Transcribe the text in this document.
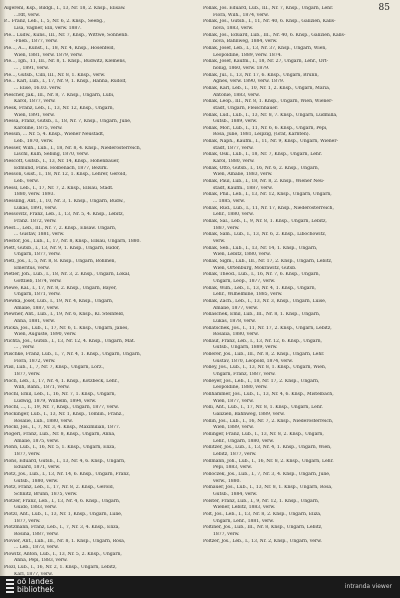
85
Algerenl, Ksp., Bildgl., I., 13, Nr. 18, 2. Knsp., Elisaw.
...rdt, verw.
P... Franz, Leb., I., 5, Nr. 6, 2. Knsp., Seebg.,
Lisa, Vagner, Elli, verw. 1887.
Ple... Ludw., Kuns., III., Nr. 7, Knsp., Wittwe, Sonnenb.
-Flieb., 1877, verw.
Ple..., A..., Kunst., I., 18, Nr. 4, Knsp., Hosenfeld,
Wien, 1881, verw. 1879, verw.
Ple..., Ign., 11, III., Nr. 8, 1. Knsp., Budwitz, Klemens,
... , 1891, verw.
Ple..., Gutsb., Cilli, III., Nr. 8, 1. Knsp., verw.
Ple... Karl, Lub., I., 17, Nr. 9, 1. Knsp., Hanna, Rudolf,
... Elise, 16.03. verw.
Plescher, Jak., III., Nr. 8, 7. Knsp., Ungarn, Lubi,
Karol, 1877, verw.
Plesk, Franz, Leb., I., 13, Nr. 12, Knsp., Ungarn,
Wien, 1891, verw.
Plessa, Franz, Gutsb., I., 18, Nr. 7, Knsp., Ungarn, Julie,
Karoline, 1875, verw.
Plessin, ... Nr. 5, 4. Knsp., Wiener Neustadt,
Leb., 1870, verw.
Plesser, Wilh., Lub., I., 18, Nr. 8, 4. Knsp., Niederösterreich,
Lischl, Kuln, Sebing, 1870, verw.
Plescott, Gutsb., I., 13, Nr. 14, Knsp., Hohenbauer,
Edmund, Flins. Holbenach, 1877, Bezirk.
Plesson, Gust., I., 18, Nr. 12, 1. Knsp., Lehrer, Gerold,
Leb., verw.
Plessl, Leb., I., 17, Nr. 7, 2. Knsp., Ellsau, Stadt.
1880, verw. 1893.
Plessling, Ant., I., 10, Nr. 3, 1. Knsp., Ungarn, Budw.,
Lukas, 1891, verw.
Plessovitz, Franz, Leb., I., 13, Nr. 5, 4. Knsp., Lebitz,
Franz. 1872, verw.
Plest..., Leb., III., Nr. 7, 2. Knsp., Elisaw. Ungarn,
... Gustav, 1881, verw.
Plestor, Jos., Lub., I., 17, Nr. 8, Knsp., Ellsau, Ungarn, 1880.
Plett, Gutsb., I., 13, Nr. 9, 1. Knsp., Ungarn, Isidor,
Ungarn, 1877, verw.
Pletl, Jos., I., 5, Nr. 8, 8. Knsp., Ungarn, Böhmen,
Emeritus, verw.
Pletler, Joh., Lub., I., 18, Nr. 3, 2. Knsp., Ungarn, Lokal,
Gottlieb, 1874, verw.
Plewe, Kal., I., 17, Nr. 8, 2. Knsp., Ungarn, Bayer,
Ungarn, 1871, verw.
Plewka, Josef, Lub., I., 19, Nr. 4, Knsp., Ungarn,
Amalie, 1887, verw.
Plewner, Ant., Lub., I., 19, Nr. 6, Knsp., Kl. Steinfeld,
Anna, 1881, verw.
Plicka, Jos., Lub., I., 17, Nr. 6, 1. Knsp., Ungarn, Janes,
Wien, Auguste, 1890, verw.
Plichta, Jos., Gutsb., I., 13, Nr. 12, 4. Knsp., Ungarn, Mat.
... , verw.
Plischke, Franz, Lub., I., 7, Nr. 4, 1. Knsp., Ungarn, Ungarn,
Flora, 1872, verw.
Plisl, Lub., I., 7, Nr. 7, Knsp., Ungarn, Lorz.,
1877, verw.
Ploch, Leb., I., 17, Nr. 4, 1. Knsp., Kotzbeck, Lehr.,
Wilh, Bahn., 1871, verw.
Plöchl, Emil, Leb., I., 16, Nr. 7, 1. Knsp., Ungarn,
Ludwig, 1879, Wilhelm, 1894, verw.
Plöchl, ..., I., 19, Nr. 7, Knsp., Ungarn, 1877, verw.
Plöckinger, Lub., I., 13, Nr. 1, Knsp., Tomlin., Franz.,
Rosalie, Lub., 1880, verw.
Plöckl, Jos., I., 7, Nr. 3, 4. Knsp., Maximilian, 1877.
Plögerl, Franz, Lub., Nr. 8, Knsp., Ungarn, Anna,
Amalie, 1875, verw.
Plöhn, Lub., I., 16, Nr. 5, 1. Knsp., Ungarn, Eliza,
1877, verw.
Plöhs, Eduard, Gutsb., I., 13, Nr. 4, 6. Knsp., Ungarn,
Eduard, 1871, verw.
Plötz, Jos., Lub., I., 13, Nr. 14, 6. Knsp., Ungarn, Franz,
Gutsb., 1880, verw.
Plotz, Franz, Leb., I., 17, Nr. 8, 2. Knsp., Gerold,
Schnitz, Brunn, 1875, verw.
Plötzer, Franz, Leb., I., 13, Nr. 4, 6. Knsp., Ungarn,
Guido, 1883, verw.
Plötzl, Ant., Lub., I., 13, Nr. 1, Knsp., Ungarn, Lulie,
1877, verw.
Plotzmann, Franz, Leb., I., 7, Nr. 3, 4. Knsp., Eliza,
Rosina, 1887, verw.
Plovier, Ant., Lub., III., Nr. 8, 1. Knsp., Ungarn, Rosa,
... Leb., 1873, verw.
Plowitz, Anton, Lub., I., 13, Nr. 5, 2. Knsp., Ungarn,
Anna, Pepi, 1883, verw.
Plözl, Lub., I., 16, Nr. 2, 1. Knsp., Ungarn, Lebitz,
Karl, 1877, verw.
Pollak, Jos. Eduard, Lub., III., Nr. 7, Knsp., Ungarn, Lehr.
Flora, Wilh., 1874, verw.
Pollak, Jos., Gutsb., I., 11, Nr. 40, 6. Knsp., Galizien, Kalls-
nova, 1883, verw.
Pollak, Jos., Eduard, Lub., III., Nr. 40, 6. Knsp., Galizien, Kalls-
nova, Bahnweg, 1884, verw.
Pollak, Josef, Leb., I., 13, Nr. 37, Knsp., Ungarn, Wien,
Leopoldine, 1889, verw. 1874.
Pollak, Josef, Kaufm., I., 18, Nr. 27, Ungarn, Lehr., Ort-
honig, 1860, verw. 1879.
Pollak, Jul., I., 13, Nr. 17, 6. Knsp., Ungarn, Brünn,
Agnes, verw. 1890, verw. 1879.
Pollak, Karl, Leb., I., 10, Nr. 1, 2. Knsp., Ungarn, Maria,
Antonie, 1883, verw.
Pollak, Leop., III., Nr. 8, 1. Knsp., Ungarn, Wien, Wiener-
stadt, Ungarn, Fleischhauer.
Pollak, Lud., Lub., I., 13, Nr. 8, 7. Knsp., Ungarn, Ludmilla,
Gutsb., 1889, verw.
Pollak, Mor., Lub., I., 11, Nr. 6, 6. Knsp., Ungarn, Pepi,
Rosa, Julie, 1881, Leipzig, (Graf, Kärnten).
Pollak, Naph., Kaufm., I., 11, Nr. 9, Knsp., Ungarn, Wiener-
stadt, 1877, verw.
Pollak, Osk., Lub., I., 18, Nr. 7, Knsp., Ungarn, Lehr.
Karol, 1880, verw.
Pollak, Otto, Gutsb., I., 16, Nr. 6, 2. Knsp., Ungarn,
Wien, Amalie, 1883, verw.
Pollak, Paul, Lub., I., 18, Nr. 8, 2. Knsp., Wiener Neu-
stadt, Kaufm., 1887, verw.
Pollak, Phil., Leb., I., 13, Nr. 12, Knsp., Ungarn, Ungarn,
... 1885, verw.
Pollak, Rud., Lub., I., 11, Nr. 17, Knsp., Niederösterreich,
Lehr., 1880, verw.
Pollak, Sal., Leb., I., 9, Nr. 8, 1. Knsp., Ungarn, Lebitz,
1887, verw.
Pollak, Sam., Lub., I., 13, Nr. 6, 2. Knsp., Libochowitz,
verw.
Pollak, Seb., Lub., I., 13, Nr. 14, 1. Knsp., Ungarn,
Wien, Lebitz, 1880, verw.
Pollak, Sigm., Lub., III., Nr. 17, 2. Knsp., Ungarn, Lebitz,
Wien, Ortenburg, Mokrawitz, Gutsb.
Pollak, Theod., Lub., I., 16, Nr. 7, 6. Knsp., Ungarn,
Ungarn, Leop., 1877, verw.
Pollak, Wilh., Leb., I., 13, Nr. 4, 1. Knsp., Ungarn,
Lehr., Wilhelmine, 1885, verw.
Pollak, Zach., Leb., I., 13, Nr. 3, Knsp., Ungarn, Luise,
Amalie, 1877, verw.
Pollaschek, Emil, Lub., III., Nr. 8, 1. Knsp., Ungarn,
Lukas, 1878, verw.
Pollatschek, Jos., I., 11, Nr. 17, 2. Knsp., Ungarn, Lebitz,
Rosalia, 1880, verw.
Pollauf, Franz, Leb., I., 13, Nr. 12, 6. Knsp., Ungarn,
Gutsb., Ungarn, 1889, verw.
Pollerer, Jos., Lub., III., Nr. 8, 2. Knsp., Ungarn, Lehr.
Gustav, 1870, Leopold, 1874, verw.
Polley, Jos., Lub., I., 13, Nr. 8, 1. Knsp., Ungarn, Wien,
Ungarn, Franz, 1887, verw.
Polleyer, Jos., Leb., I., 18, Nr. 17, 2. Knsp., Ungarn,
Leopoldine, 1880, verw.
Pollhammer, Jos., Lub., I., 13, Nr. 4, 6. Knsp., Mistelbach,
Wien, 1877, verw.
Polli, Ant., Lub., I., 17, Nr. 8, 1. Knsp., Ungarn, Lehr.
Galizien, Bahnweg, 1889, verw.
Pollin, Jos., Lub., I., 16, Nr. 7, 2. Knsp., Niederösterreich,
Wien, 1889, verw.
Pollinger, Franz, Lub., I., 13, Nr. 8, 2. Knsp., Ungarn,
Lehr., Ungarn, 1880, verw.
Pollitzer, Jos., Lub., I., 13, Nr. 4, 1. Knsp., Ungarn, Wien,
Lebitz, 1877, verw.
Pollmann, Joh., Lub., I., 16, Nr. 8, 2. Knsp., Ungarn, Lehr.
Pepi, 1883, verw.
Polloczek, Jos., Lub., I., 7, Nr. 3, 4. Knsp., Ungarn, Julie,
verw., 1880.
Polnauer, Jos., Lub., I., 13, Nr. 8, 1. Knsp., Ungarn, Rosa,
Gutsb., 1884, verw.
Polster, Franz, Lub., I., 9, Nr. 12, 1. Knsp., Ungarn,
Wiener, Lebitz, 1883, verw.
Polt, Jos., Leb., I., 13, Nr. 8, 2. Knsp., Ungarn, Eliza,
Ungarn, Lehr., 1881, verw.
Poltiner, Jos., Lub., III., Nr. 8, Knsp., Ungarn, Lebitz,
1877, verw.
Poltzer, Jos., Leb., I., 13, Nr. 2, Knsp., Ungarn, verw.
oö landes
bibliothek	intranda viewer
